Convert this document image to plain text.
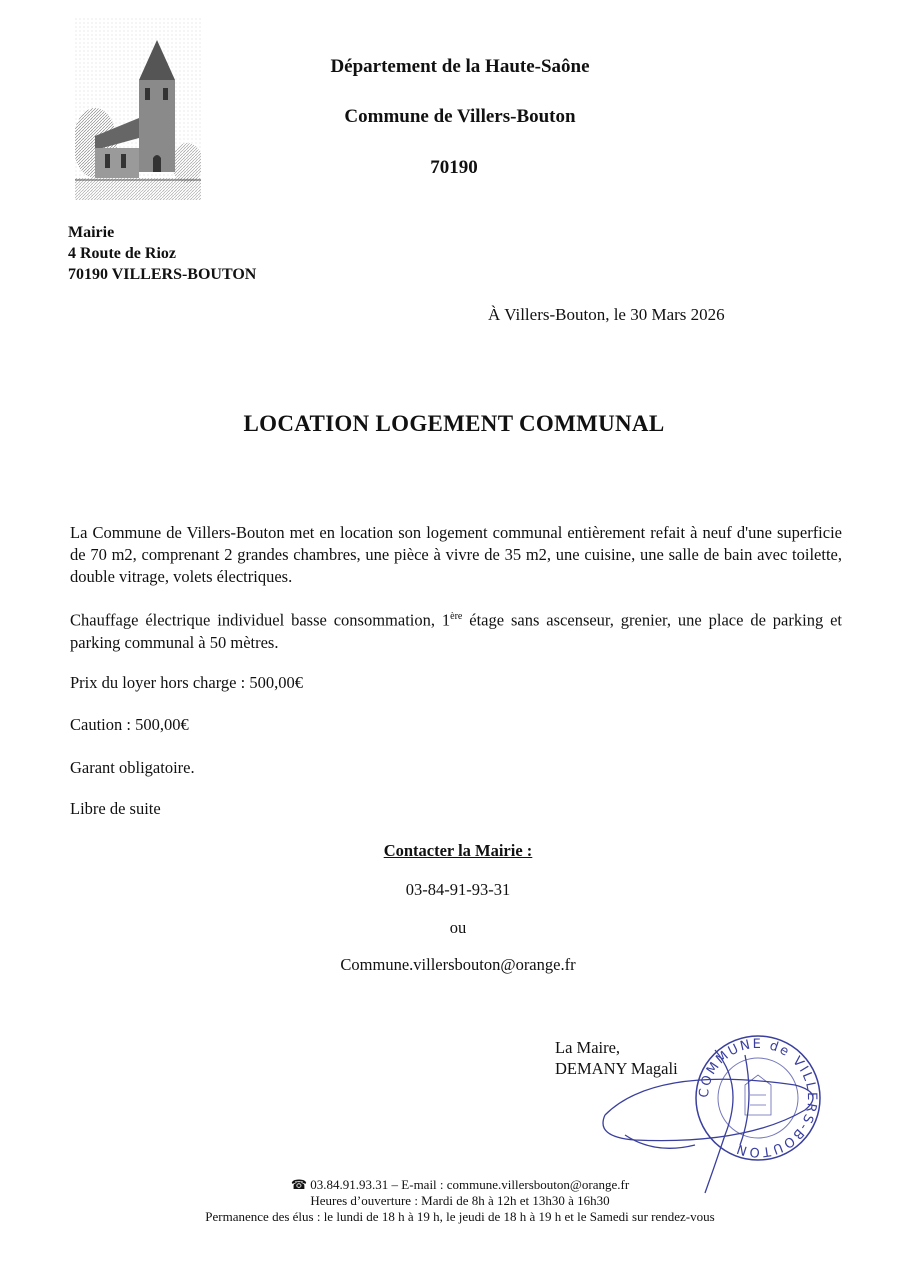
Département de la Haute-Saône
Commune de Villers-Bouton
70190
Mairie
4 Route de Rioz
70190 VILLERS-BOUTON
À Villers-Bouton, le 30 Mars 2026
LOCATION LOGEMENT COMMUNAL
La Commune de Villers-Bouton met en location son logement communal entièrement refait à neuf d'une superficie de 70 m2, comprenant 2 grandes chambres, une pièce à vivre de 35 m2, une cuisine, une salle de bain avec toilette, double vitrage, volets électriques.
Chauffage électrique individuel basse consommation, 1ère étage sans ascenseur, grenier, une place de parking et parking communal à 50 mètres.
Prix du loyer hors charge : 500,00€
Caution : 500,00€
Garant obligatoire.
Libre de suite
Contacter la Mairie :
03-84-91-93-31
ou
Commune.villersbouton@orange.fr
La Maire,
DEMANY Magali
COMMUNE de VILLERS-BOUTON
☎ 03.84.91.93.31 – E-mail : commune.villersbouton@orange.fr
Heures d’ouverture : Mardi de 8h à 12h et 13h30 à 16h30
Permanence des élus : le lundi de 18 h à 19 h, le jeudi de 18 h à 19 h et le Samedi sur rendez-vous
